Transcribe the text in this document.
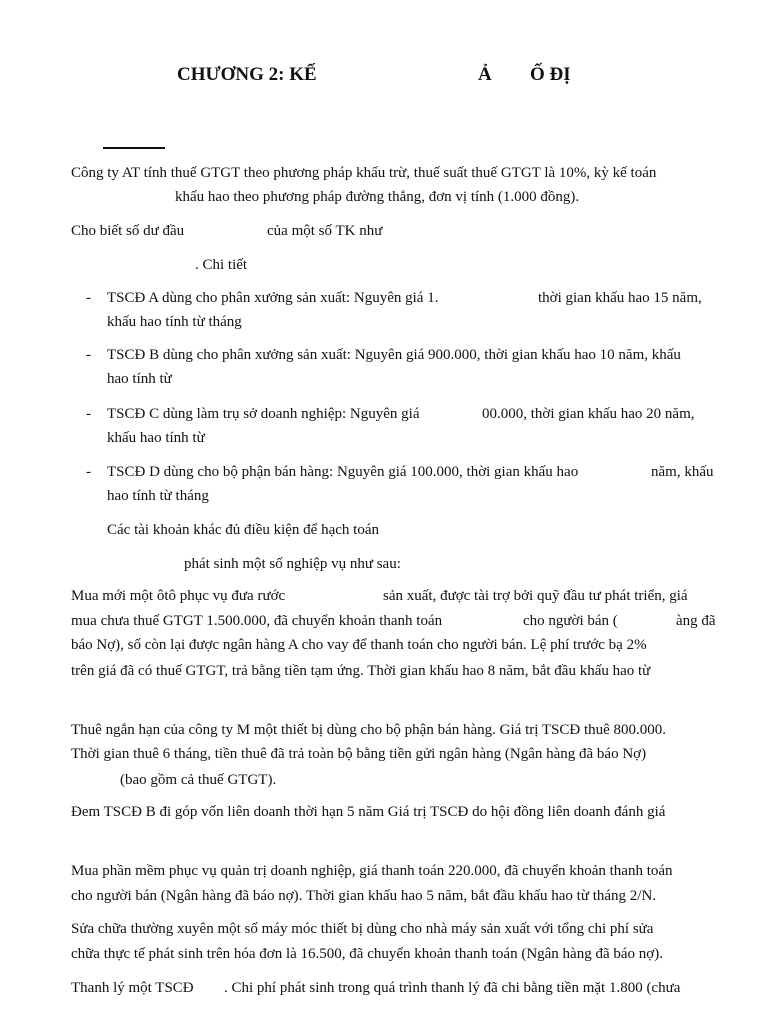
CHƯƠNG 2: KẾ	Ả Ố ĐỊ
Công ty AT tính thuế GTGT theo phương pháp khấu trừ, thuế suất thuế GTGT là 10%, kỳ kế toán
khấu hao theo phương pháp đường thẳng, đơn vị tính (1.000 đồng).
Cho biết số dư đầu	của một số TK như
. Chi tiết
- TSCĐ A dùng cho phân xưởng sản xuất: Nguyên giá 1.	thời gian khấu hao 15 năm,
khấu hao tính từ tháng
- TSCĐ B dùng cho phân xưởng sản xuất: Nguyên giá 900.000, thời gian khấu hao 10 năm, khấu
hao tính từ
- TSCĐ C dùng làm trụ sở doanh nghiệp: Nguyên giá	00.000, thời gian khấu hao 20 năm,
khấu hao tính từ
- TSCĐ D dùng cho bộ phận bán hàng: Nguyên giá 100.000, thời gian khấu hao	năm, khấu
hao tính từ tháng
Các tài khoản khác đủ điều kiện để hạch toán
phát sinh một số nghiệp vụ như sau:
Mua mới một ôtô phục vụ đưa rước	sản xuất, được tài trợ bởi quỹ đầu tư phát triển, giá
mua chưa thuế GTGT 1.500.000, đã chuyển khoản thanh toán	cho người bán (	àng đã
báo Nợ), số còn lại được ngân hàng A cho vay để thanh toán cho người bán. Lệ phí trước bạ 2%
trên giá đã có thuế GTGT, trả bằng tiền tạm ứng. Thời gian khấu hao 8 năm, bắt đầu khấu hao từ
Thuê ngắn hạn của công ty M một thiết bị dùng cho bộ phận bán hàng. Giá trị TSCĐ thuê 800.000.
Thời gian thuê 6 tháng, tiền thuê đã trả toàn bộ bằng tiền gửi ngân hàng (Ngân hàng đã báo Nợ)
(bao gồm cả thuế GTGT).
Đem TSCĐ B đi góp vốn liên doanh thời hạn 5 năm Giá trị TSCĐ do hội đồng liên doanh đánh giá
Mua phần mềm phục vụ quản trị doanh nghiệp, giá thanh toán 220.000, đã chuyển khoản thanh toán
cho người bán (Ngân hàng đã báo nợ). Thời gian khấu hao 5 năm, bắt đầu khấu hao từ tháng 2/N.
Sửa chữa thường xuyên một số máy móc thiết bị dùng cho nhà máy sản xuất với tổng chi phí sửa
chữa thực tế phát sinh trên hóa đơn là 16.500, đã chuyển khoản thanh toán (Ngân hàng đã báo nợ).
Thanh lý một TSCĐ . Chi phí phát sinh trong quá trình thanh lý đã chi bằng tiền mặt 1.800 (chưa
